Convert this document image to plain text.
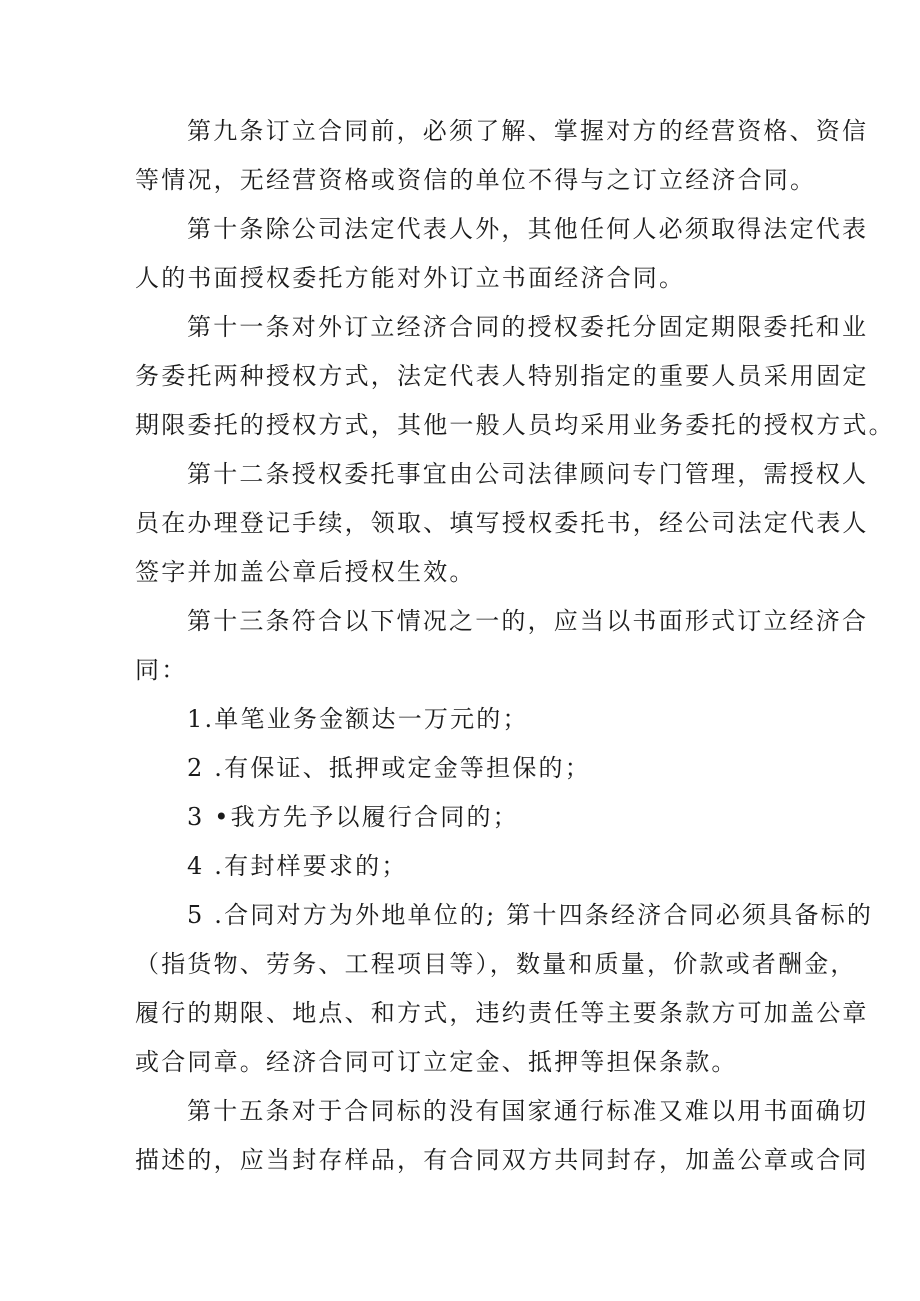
第九条订立合同前，必须了解、掌握对方的经营资格、资信
等情况，无经营资格或资信的单位不得与之订立经济合同。
第十条除公司法定代表人外，其他任何人必须取得法定代表
人的书面授权委托方能对外订立书面经济合同。
第十一条对外订立经济合同的授权委托分固定期限委托和业
务委托两种授权方式，法定代表人特别指定的重要人员采用固定
期限委托的授权方式，其他一般人员均采用业务委托的授权方式。
第十二条授权委托事宜由公司法律顾问专门管理，需授权人
员在办理登记手续，领取、填写授权委托书，经公司法定代表人
签字并加盖公章后授权生效。
第十三条符合以下情况之一的，应当以书面形式订立经济合
同：
1.单笔业务金额达一万元的；
2 .有保证、抵押或定金等担保的；
3 •我方先予以履行合同的；
4 .有封样要求的；
5 .合同对方为外地单位的; 第十四条经济合同必须具备标的
（指货物、劳务、工程项目等），数量和质量，价款或者酬金，
履行的期限、地点、和方式，违约责任等主要条款方可加盖公章
或合同章。经济合同可订立定金、抵押等担保条款。
第十五条对于合同标的没有国家通行标准又难以用书面确切
描述的，应当封存样品，有合同双方共同封存，加盖公章或合同
